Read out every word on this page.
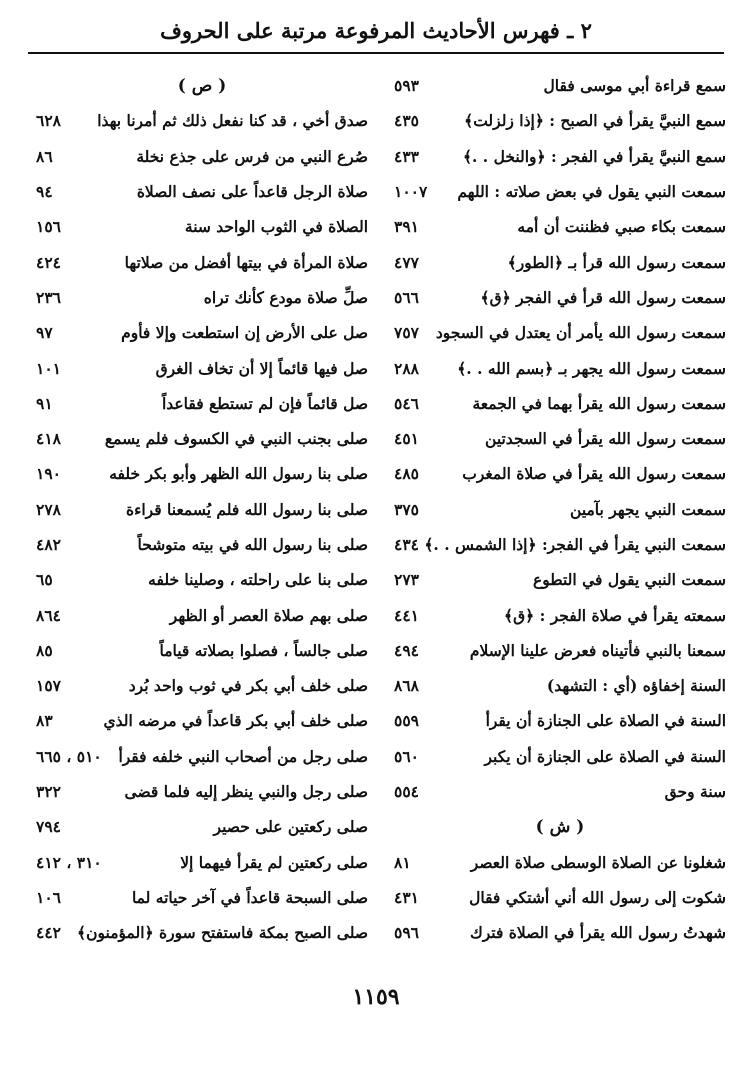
٢ ـ فهرس الأحاديث المرفوعة مرتبة على الحروف
سمع قراءة أبي موسى فقال
٥٩٣
سمع النبيَّ يقرأ في الصبح : ﴿إذا زلزلت﴾
٤٣٥
سمع النبيَّ يقرأ في الفجر : ﴿والنخل . .﴾
٤٣٣
سمعت النبي يقول في بعض صلاته : اللهم
١٠٠٧
سمعت بكاء صبي فظننت أن أمه
٣٩١
سمعت رسول الله قرأ بـ ﴿الطور﴾
٤٧٧
سمعت رسول الله قرأ في الفجر ﴿ق﴾
٥٦٦
سمعت رسول الله يأمر أن يعتدل في السجود
٧٥٧
سمعت رسول الله يجهر بـ ﴿بسم الله . .﴾
٢٨٨
سمعت رسول الله يقرأ بهما في الجمعة
٥٤٦
سمعت رسول الله يقرأ في السجدتين
٤٥١
سمعت رسول الله يقرأ في صلاة المغرب
٤٨٥
سمعت النبي يجهر بآمين
٣٧٥
سمعت النبي يقرأ في الفجر: ﴿إذا الشمس . .﴾
٤٣٤
سمعت النبي يقول في التطوع
٢٧٣
سمعته يقرأ في صلاة الفجر : ﴿ق﴾
٤٤١
سمعنا بالنبي فأتيناه فعرض علينا الإسلام
٤٩٤
السنة إخفاؤه (أي : التشهد)
٨٦٨
السنة في الصلاة على الجنازة أن يقرأ
٥٥٩
السنة في الصلاة على الجنازة أن يكبر
٥٦٠
سنة وحق
٥٥٤
( ش )
شغلونا عن الصلاة الوسطى صلاة العصر
٨١
شكوت إلى رسول الله أني أشتكي فقال
٤٣١
شهدتُ رسول الله يقرأ في الصلاة فترك
٥٩٦
( ص )
صدق أخي ، قد كنا نفعل ذلك ثم أمرنا بهذا
٦٢٨
صُرع النبي من فرس على جذع نخلة
٨٦
صلاة الرجل قاعداً على نصف الصلاة
٩٤
الصلاة في الثوب الواحد سنة
١٥٦
صلاة المرأة في بيتها أفضل من صلاتها
٤٢٤
صلِّ صلاة مودع كأنك تراه
٢٣٦
صل على الأرض إن استطعت وإلا فأوم
٩٧
صل فيها قائماً إلا أن تخاف الغرق
١٠١
صل قائماً فإن لم تستطع فقاعداً
٩١
صلى بجنب النبي في الكسوف فلم يسمع
٤١٨
صلى بنا رسول الله الظهر وأبو بكر خلفه
١٩٠
صلى بنا رسول الله فلم يُسمعنا قراءة
٢٧٨
صلى بنا رسول الله في بيته متوشحاً
٤٨٢
صلى بنا على راحلته ، وصلينا خلفه
٦٥
صلى بهم صلاة العصر أو الظهر
٨٦٤
صلى جالساً ، فصلوا بصلاته قياماً
٨٥
صلى خلف أبي بكر في ثوب واحد بُرد
١٥٧
صلى خلف أبي بكر قاعداً في مرضه الذي
٨٣
صلى رجل من أصحاب النبي خلفه فقرأ
٥١٠ ، ٦٦٥
صلى رجل والنبي ينظر إليه فلما قضى
٣٢٢
صلى ركعتين على حصير
٧٩٤
صلى ركعتين لم يقرأ فيهما إلا
٣١٠ ، ٤١٢
صلى السبحة قاعداً في آخر حياته لما
١٠٦
صلى الصبح بمكة فاستفتح سورة ﴿المؤمنون﴾
٤٤٢
١١٥٩
